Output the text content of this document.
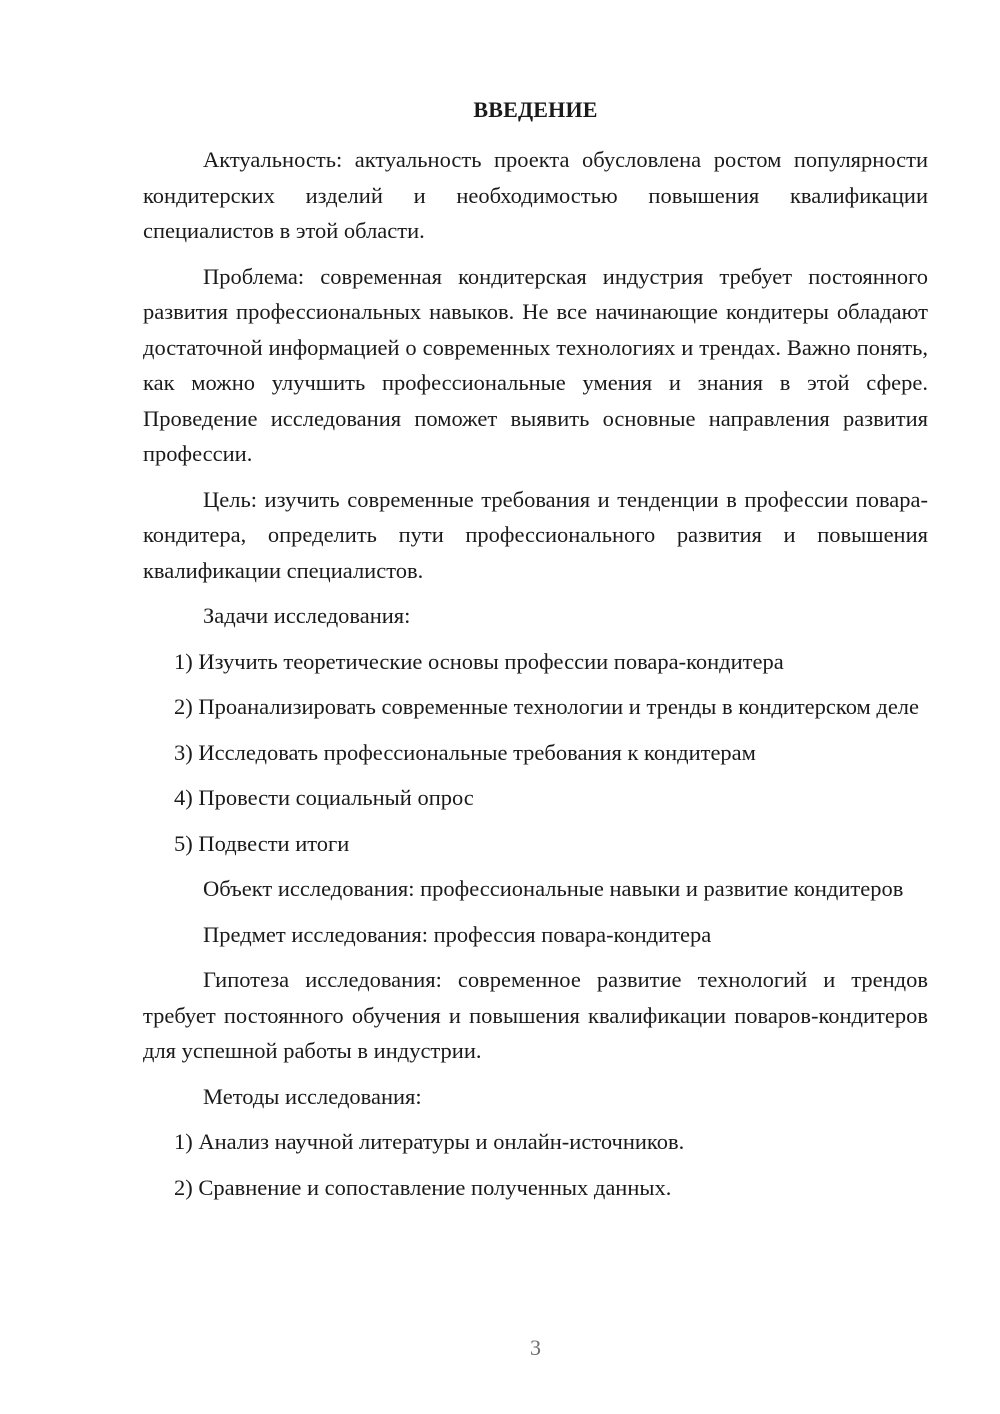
ВВЕДЕНИЕ

Актуальность: актуальность проекта обусловлена ростом популярности кондитерских изделий и необходимостью повышения квалификации специалистов в этой области.

Проблема: современная кондитерская индустрия требует постоянного развития профессиональных навыков. Не все начинающие кондитеры обладают достаточной информацией о современных технологиях и трендах. Важно понять, как можно улучшить профессиональные умения и знания в этой сфере. Проведение исследования поможет выявить основные направления развития профессии.

Цель: изучить современные требования и тенденции в профессии повара-кондитера, определить пути профессионального развития и повышения квалификации специалистов.

Задачи исследования:

1) Изучить теоретические основы профессии повара-кондитера

2) Проанализировать современные технологии и тренды в кондитерском деле

3) Исследовать профессиональные требования к кондитерам

4) Провести социальный опрос

5) Подвести итоги

Объект исследования: профессиональные навыки и развитие кондитеров

Предмет исследования: профессия повара-кондитера

Гипотеза исследования: современное развитие технологий и трендов требует постоянного обучения и повышения квалификации поваров-кондитеров для успешной работы в индустрии.

Методы исследования:

1) Анализ научной литературы и онлайн-источников.

2) Сравнение и сопоставление полученных данных.

3
